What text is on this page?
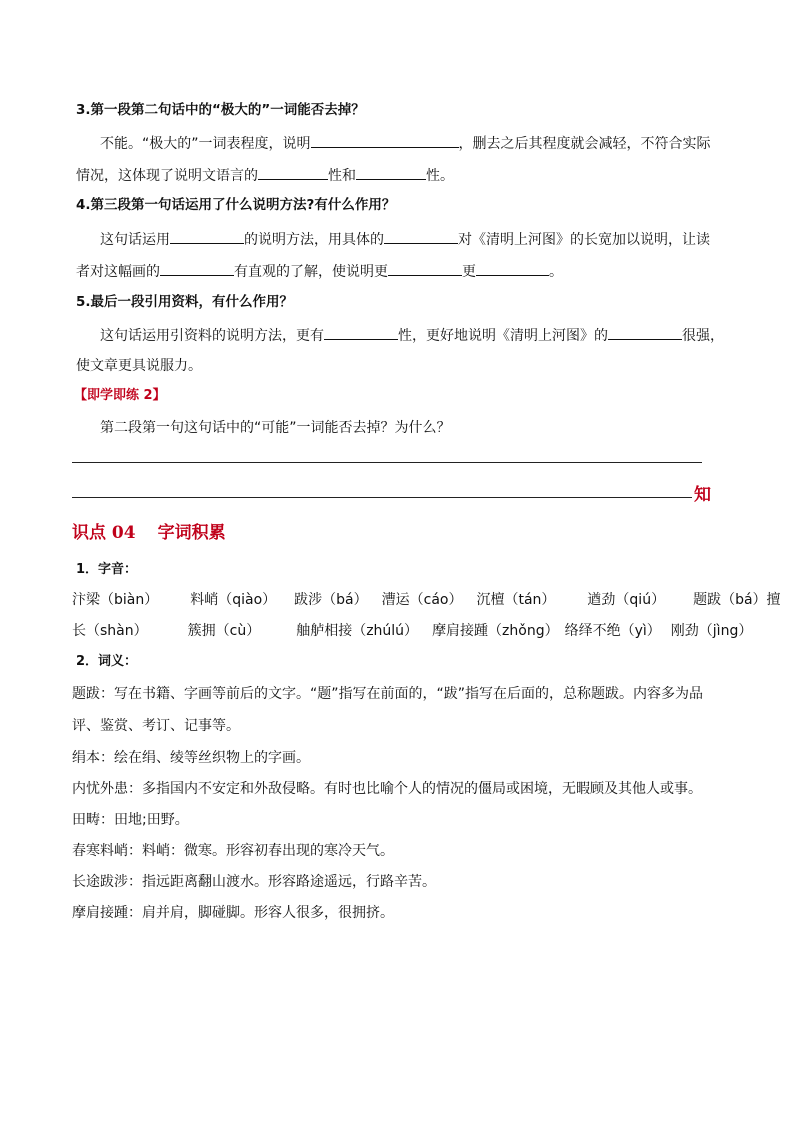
3.第一段第二句话中的“极大的”一词能否去掉？
不能。“极大的”一词表程度，说明	，删去之后其程度就会减轻，不符合实际
情况，这体现了说明文语言的	性和	性。
4.第三段第一句话运用了什么说明方法?有什么作用？
这句话运用	的说明方法，用具体的	对《清明上河图》的长宽加以说明，让读
者对这幅画的	有直观的了解，使说明更	更	。
5.最后一段引用资料，有什么作用？
这句话运用引资料的说明方法，更有	性，更好地说明《清明上河图》的	很强，
使文章更具说服力。
【即学即练 2】
第二段第一句这句话中的“可能”一词能否去掉？为什么？
知
识点 04 字词积累
1．字音：
汴梁（biàn） 料峭（qiào） 跋涉（bá） 漕运（cáo） 沉檀（tán） 遒劲（qiú） 题跋（bá）擅
长（shàn）	簇拥（cù）	舳舻相接（zhúlú） 摩肩接踵（zhǒng） 络绎不绝（yì） 刚劲（jìng）
2．词义：
题跋：写在书籍、字画等前后的文字。“题”指写在前面的，“跋”指写在后面的，总称题跋。内容多为品
评、鉴赏、考订、记事等。
绢本：绘在绢、绫等丝织物上的字画。
内忧外患：多指国内不安定和外敌侵略。有时也比喻个人的情况的僵局或困境，无暇顾及其他人或事。
田畴：田地;田野。
春寒料峭：料峭：微寒。形容初春出现的寒冷天气。
长途跋涉：指远距离翻山渡水。形容路途遥远，行路辛苦。
摩肩接踵：肩并肩，脚碰脚。形容人很多，很拥挤。
